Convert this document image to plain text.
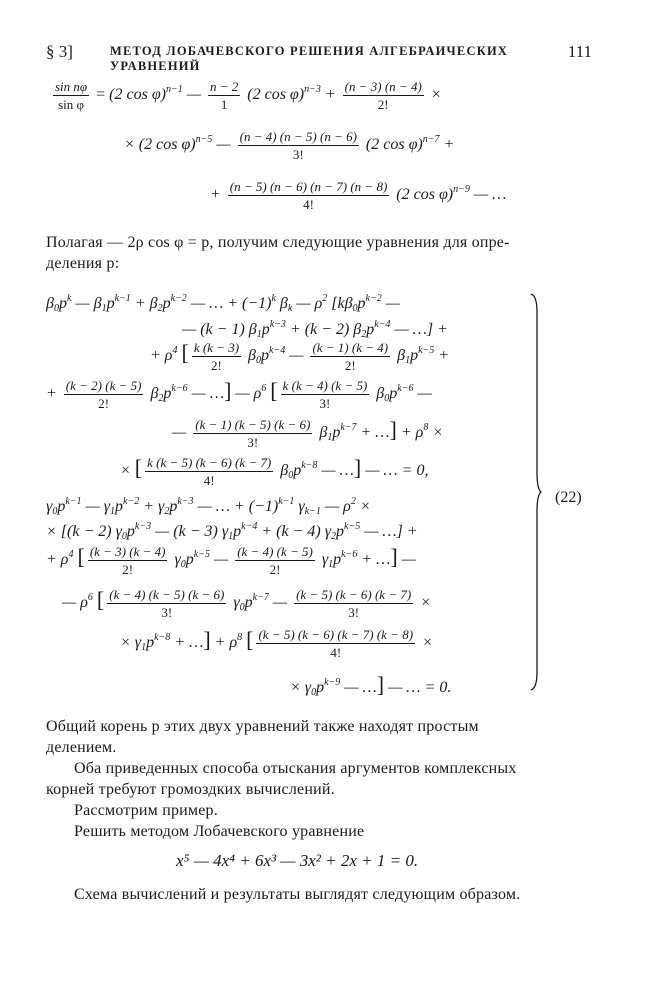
§ 3]	МЕТОД ЛОБАЧЕВСКОГО РЕШЕНИЯ АЛГЕБРАИЧЕСКИХ УРАВНЕНИЙ
111
$\frac{\text{sin nφ}}{\text{sin φ}} = (2$ cos φ)$^{n-1}$ — $\frac{n - 2}{1} (2$ $\cos \varphi)^{n-3} + \frac{(n - 3) (n - 4)}{2!}$ ×
× (2 cos φ)$^{n-5}$ — $\frac{(n - 4) (n - 5) (n - 6)}{3!} (2$ cos φ)$^{n-7}$ +
+ $\frac{(n - 5) (n - 6) (n - 7) (n - 8)}{4!} (2$ cos φ)$^{n-9}$ — …
Полагая — 2ρ cos φ = p, получим следующие уравнения для опре-
деления p:
$\beta_0p^k$ — $\beta_1p^{k-1} + \beta_2p^{k-2}$ — … + $(-1)^k$ $\beta_k$ — $\rho^2$ [$k\beta_0p^{k-2}$ —
— (k − 1) $\beta_1p^{k-3} + (k - 2)$ $\beta_2p^{k-4}$ — …] +
+ $\rho^4$ [ $\frac{k (k - 3)}{2!} \beta_0p^{k-4}$ — $\frac{(k - 1) (k - 4)}{2!} \beta_1p^{k-5}$ +
+ $\frac{(k - 2) (k - 5)}{2!} \beta_2p^{k-6}$ — …] — $\rho^6$ [ $\frac{k (k - 4) (k - 5)}{3!} \beta_0p^{k-6}$ —
— $\frac{(k - 1) (k - 5) (k - 6)}{3!} \beta_1p^{k-7}$ + …] + $\rho^8$ ×
× [ $\frac{k (k - 5) (k - 6) (k - 7)}{4!} \beta_0p^{k-8}$ — …] — … = 0,
$\gamma_0p^{k-1}$ — $\gamma_1p^{k-2} + \gamma_2p^{k-3}$ — … + $(-1)^{k-1}$ $\gamma_{k-1}$ — $\rho^2$ ×
× [(k − 2) $\gamma_0p^{k-3}$ — (k − 3) $\gamma_1p^{k-4} + (k - 4)$ $\gamma_2p^{k-5}$ — …] +
+ $\rho^4$ [ $\frac{(k - 3) (k - 4)}{2!} \gamma_0p^{k-5}$ — $\frac{(k - 4) (k - 5)}{2!} \gamma_1p^{k-6}$ + …] —
— $\rho^6$ [ $\frac{(k - 4) (k - 5) (k - 6)}{3!} \gamma_0p^{k-7}$ — $\frac{(k - 5) (k - 6) (k - 7)}{3!}$ ×
× $\gamma_1p^{k-8}$ + …] + $\rho^8$ [ $\frac{(k - 5) (k - 6) (k - 7) (k - 8)}{4!}$ ×
× $\gamma_0p^{k-9}$ — …] — … = 0.
(22)
Общий корень p этих двух уравнений также находят простым
делением.
Оба приведенных способа отыскания аргументов комплексных
корней требуют громоздких вычислений.
Рассмотрим пример.
Решить методом Лобачевского уравнение
x⁵ — 4x⁴ + 6x³ — 3x² + 2x + 1 = 0.
Схема вычислений и результаты выглядят следующим образом.
